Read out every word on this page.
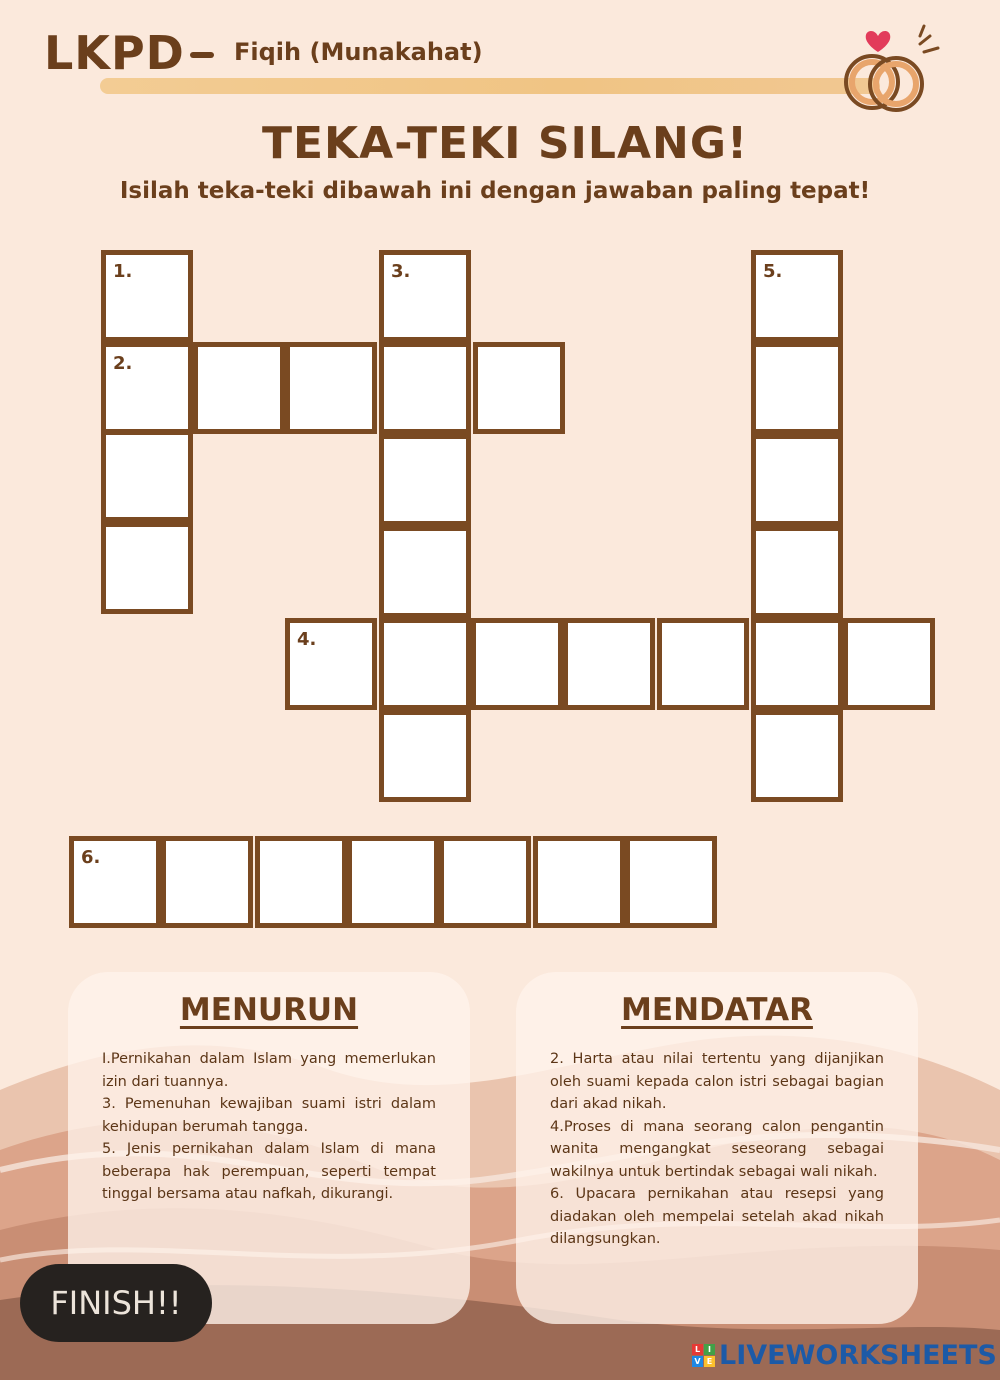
LKPD Fiqih (Munakahat)
TEKA-TEKI SILANG!
Isilah teka-teki dibawah ini dengan jawaban paling tepat!
1.
2.
3.	5.
4.
6.
MENURUN

I.Pernikahan dalam Islam yang memerlukan izin dari tuannya.

3. Pemenuhan kewajiban suami istri dalam kehidupan berumah tangga.

5. Jenis pernikahan dalam Islam di mana beberapa hak perempuan, seperti tempat tinggal bersama atau nafkah, dikurangi.

MENDATAR

2. Harta atau nilai tertentu yang dijanjikan oleh suami kepada calon istri sebagai bagian dari akad nikah.

4.Proses di mana seorang calon pengantin wanita mengangkat seseorang sebagai wakilnya untuk bertindak sebagai wali nikah.

6. Upacara pernikahan atau resepsi yang diadakan oleh mempelai setelah akad nikah dilangsungkan.

FINISH!!
L I
V E LIVEWORKSHEETS
